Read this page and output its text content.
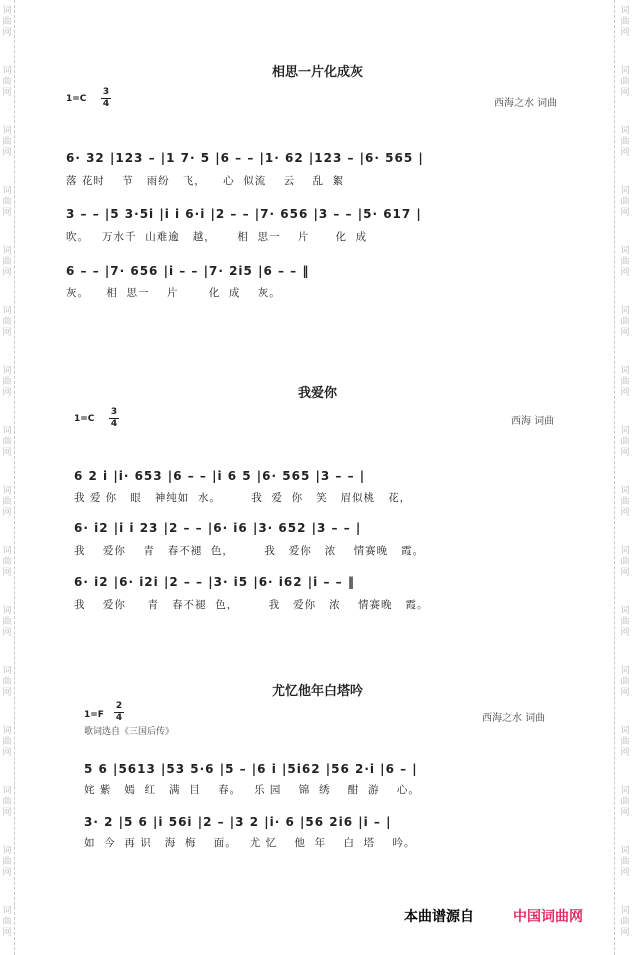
词曲网
词曲网
词曲网
词曲网
词曲网
词曲网
词曲网
词曲网
词曲网
词曲网
词曲网
词曲网
词曲网
词曲网
词曲网
词曲网
词曲网
词曲网
词曲网
词曲网
词曲网
词曲网
词曲网
词曲网
词曲网
词曲网
词曲网
词曲网
词曲网
词曲网
词曲网
词曲网
相思一片化成灰
1=C
3
4	西海之水 词曲
6· 32 |123 – |1 7· 5 |6 – – |1· 62 |123 – |6· 565 |
落 花时    节   雨纷   飞，    心  似流    云    乱  絮
3 – – |5 3·5i |i i 6·i |2 – – |7· 656 |3 – – |5· 617 |
吹。   万水千  山难逾   越，     相  思一    片      化  成
6 – – |7· 656 |i – – |7· 2i5 |6 – – ‖
灰。    相  思一    片       化  成    灰。
我爱你
1=C
3
4	西海 词曲
6 2 i |i· 653 |6 – – |i 6 5 |6· 565 |3 – – |
我 爱 你   眼   神纯如  水。       我  爱  你   笑   眉似桃   花，
6· i2 |i i 23 |2 – – |6· i6 |3· 652 |3 – – |
我    爱你    青   春不褪  色，       我   爱你   浓    情赛晚   霞。
6· i2 |6· i2i |2 – – |3· i5 |6· i62 |i – – ‖
我    爱你     青   春不褪  色，       我   爱你   浓    情赛晚   霞。
尤忆他年白塔吟
1=F
2
4
歌词选自《三国后传》
西海之水 词曲
5 6 |5613 |53 5·6 |5 – |6 i |5i62 |56 2·i |6 – |
姹 紫   嫣  红   满  目    春。   乐 园    锦  绣    酣  游    心。
3· 2 |5 6 |i 56i |2 – |3 2 |i· 6 |56 2i6 |i – |
如  今  再 识   海  梅    面。   尤 忆    他  年    白  塔    吟。
本曲谱源自	中国词曲网
